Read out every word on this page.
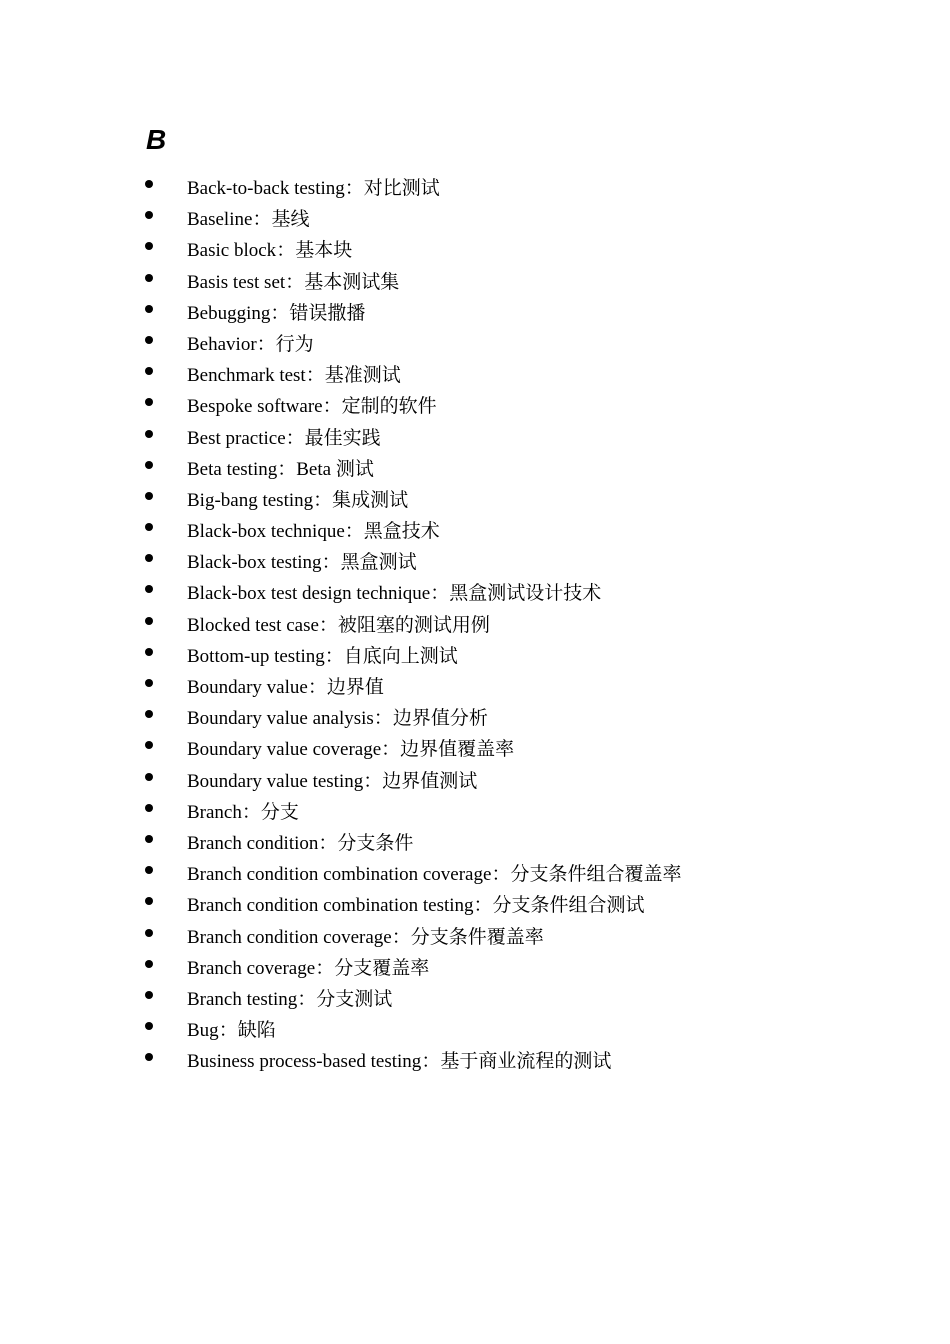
B
Back-to-back testing：对比测试
Baseline：基线
Basic block：基本块
Basis test set：基本测试集
Bebugging：错误撒播
Behavior：行为
Benchmark test：基准测试
Bespoke software：定制的软件
Best practice：最佳实践
Beta testing：Beta 测试
Big-bang testing：集成测试
Black-box technique：黑盒技术
Black-box testing：黑盒测试
Black-box test design technique：黑盒测试设计技术
Blocked test case：被阻塞的测试用例
Bottom-up testing：自底向上测试
Boundary value：边界值
Boundary value analysis：边界值分析
Boundary value coverage：边界值覆盖率
Boundary value testing：边界值测试
Branch：分支
Branch condition：分支条件
Branch condition combination coverage：分支条件组合覆盖率
Branch condition combination testing：分支条件组合测试
Branch condition coverage：分支条件覆盖率
Branch coverage：分支覆盖率
Branch testing：分支测试
Bug：缺陷
Business process-based testing：基于商业流程的测试
